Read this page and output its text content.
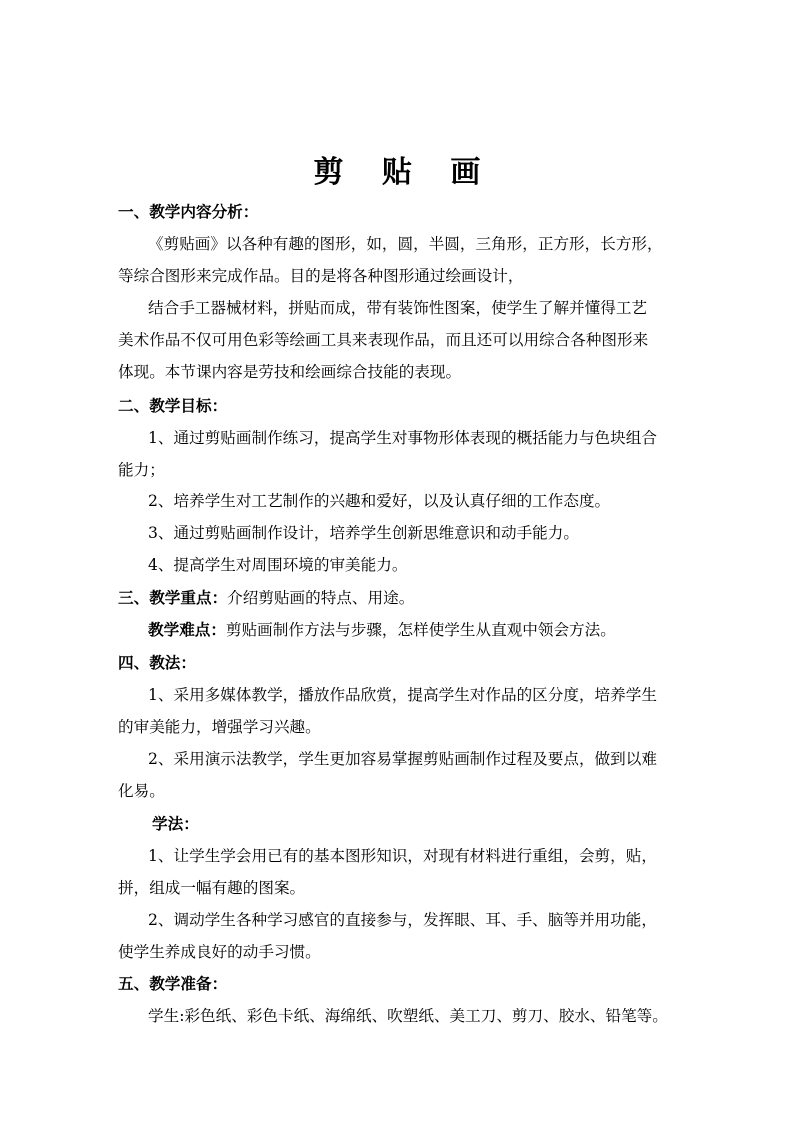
剪 贴 画
一、教学内容分析：
《剪贴画》以各种有趣的图形，如，圆，半圆，三角形，正方形，长方形，
等综合图形来完成作品。目的是将各种图形通过绘画设计，
结合手工器械材料，拼贴而成，带有装饰性图案，使学生了解并懂得工艺
美术作品不仅可用色彩等绘画工具来表现作品，而且还可以用综合各种图形来
体现。本节课内容是劳技和绘画综合技能的表现。
二、教学目标：
1、通过剪贴画制作练习，提高学生对事物形体表现的概括能力与色块组合
能力；
2、培养学生对工艺制作的兴趣和爱好，以及认真仔细的工作态度。
3、通过剪贴画制作设计，培养学生创新思维意识和动手能力。
4、提高学生对周围环境的审美能力。
三、教学重点：介绍剪贴画的特点、用途。
教学难点：剪贴画制作方法与步骤，怎样使学生从直观中领会方法。
四、教法：
1、采用多媒体教学，播放作品欣赏，提高学生对作品的区分度，培养学生
的审美能力，增强学习兴趣。
2、采用演示法教学，学生更加容易掌握剪贴画制作过程及要点，做到以难
化易。
学法：
1、让学生学会用已有的基本图形知识，对现有材料进行重组，会剪，贴，
拼，组成一幅有趣的图案。
2、调动学生各种学习感官的直接参与，发挥眼、耳、手、脑等并用功能，
使学生养成良好的动手习惯。
五、教学准备：
学生:彩色纸、彩色卡纸、海绵纸、吹塑纸、美工刀、剪刀、胶水、铅笔等。
